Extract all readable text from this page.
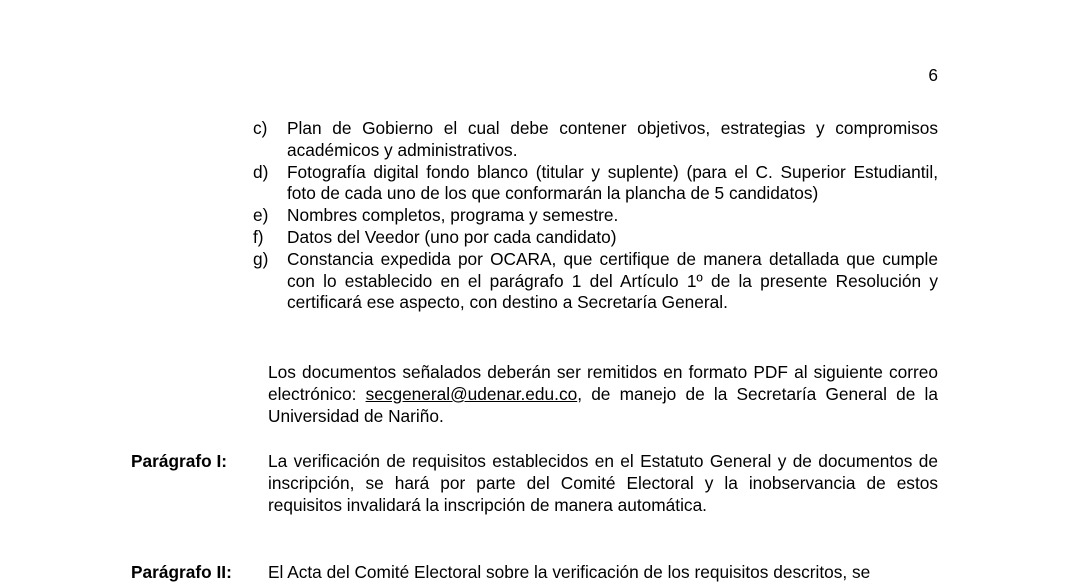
6
c) Plan de Gobierno el cual debe contener objetivos, estrategias y compromisos académicos y administrativos.
d) Fotografía digital fondo blanco (titular y suplente) (para el C. Superior Estudiantil, foto de cada uno de los que conformarán la plancha de 5 candidatos)
e) Nombres completos, programa y semestre.
f) Datos del Veedor (uno por cada candidato)
g) Constancia expedida por OCARA, que certifique de manera detallada que cumple con lo establecido en el parágrafo 1 del Artículo 1º de la presente Resolución y certificará ese aspecto, con destino a Secretaría General.
Los documentos señalados deberán ser remitidos en formato PDF al siguiente correo electrónico: secgeneral@udenar.edu.co, de manejo de la Secretaría General de la Universidad de Nariño.
Parágrafo I: La verificación de requisitos establecidos en el Estatuto General y de documentos de inscripción, se hará por parte del Comité Electoral y la inobservancia de estos requisitos invalidará la inscripción de manera automática.
Parágrafo II: El Acta del Comité Electoral sobre la verificación de los requisitos descritos, se
